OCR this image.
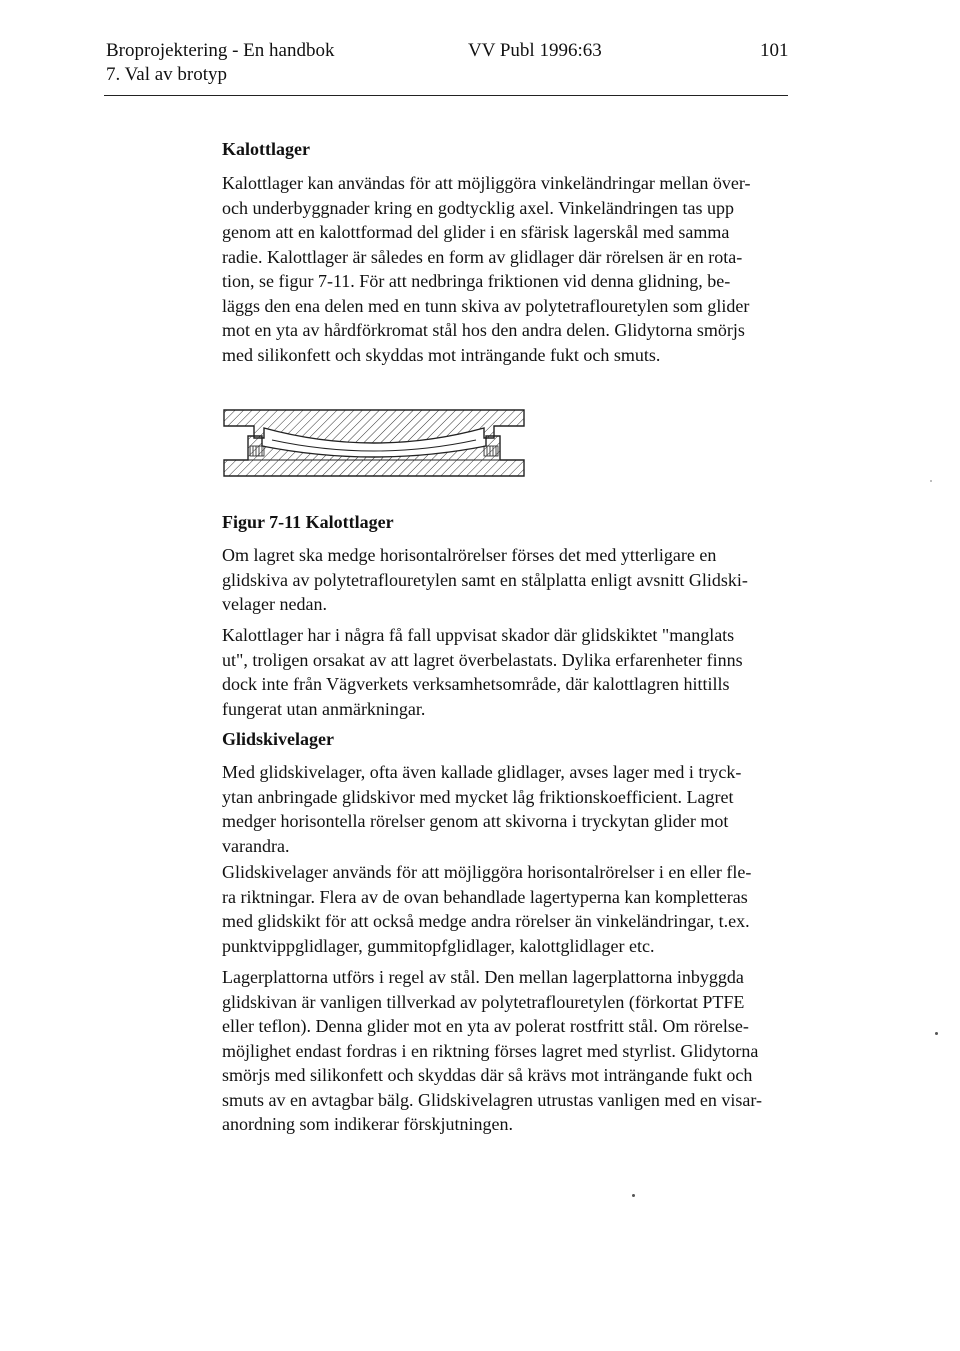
Broprojektering - En handbok
7. Val av brotyp
VV Publ 1996:63	101
Kalottlager

Kalottlager kan användas för att möjliggöra vinkeländringar mellan över-
och underbyggnader kring en godtycklig axel. Vinkeländringen tas upp
genom att en kalottformad del glider i en sfärisk lagerskål med samma
radie. Kalottlager är således en form av glidlager där rörelsen är en rota-
tion, se figur 7-11. För att nedbringa friktionen vid denna glidning, be-
läggs den ena delen med en tunn skiva av polytetraflouretylen som glider
mot en yta av hårdförkromat stål hos den andra delen. Glidytorna smörjs
med silikonfett och skyddas mot inträngande fukt och smuts.

Figur 7-11 Kalottlager

Om lagret ska medge horisontalrörelser förses det med ytterligare en
glidskiva av polytetraflouretylen samt en stålplatta enligt avsnitt Glidski-
velager nedan.

Kalottlager har i några få fall uppvisat skador där glidskiktet "manglats
ut", troligen orsakat av att lagret överbelastats. Dylika erfarenheter finns
dock inte från Vägverkets verksamhetsområde, där kalottlagren hittills
fungerat utan anmärkningar.

Glidskivelager

Med glidskivelager, ofta även kallade glidlager, avses lager med i tryck-
ytan anbringade glidskivor med mycket låg friktionskoefficient. Lagret
medger horisontella rörelser genom att skivorna i tryckytan glider mot
varandra.

Glidskivelager används för att möjliggöra horisontalrörelser i en eller fle-
ra riktningar. Flera av de ovan behandlade lagertyperna kan kompletteras
med glidskikt för att också medge andra rörelser än vinkeländringar, t.ex.
punktvippglidlager, gummitopfglidlager, kalottglidlager etc.

Lagerplattorna utförs i regel av stål. Den mellan lagerplattorna inbyggda
glidskivan är vanligen tillverkad av polytetraflouretylen (förkortat PTFE
eller teflon). Denna glider mot en yta av polerat rostfritt stål. Om rörelse-
möjlighet endast fordras i en riktning förses lagret med styrlist. Glidytorna
smörjs med silikonfett och skyddas där så krävs mot inträngande fukt och
smuts av en avtagbar bälg. Glidskivelagren utrustas vanligen med en visar-
anordning som indikerar förskjutningen.
